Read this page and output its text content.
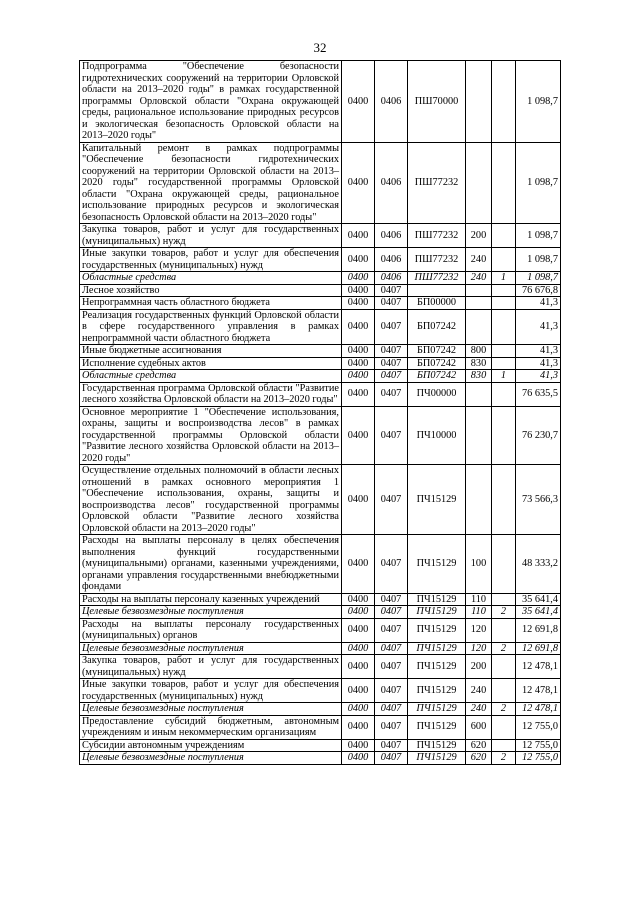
32
Подпрограмма "Обеспечение безопасности гидротехнических сооружений на территории Орловской области на 2013–2020 годы" в рамках государственной программы Орловской области "Охрана окружающей среды, рациональное использование природных ресурсов и экологическая безопасность Орловской области на 2013–2020 годы"	0400	0406	ПШ70000			1 098,7
Капитальный ремонт в рамках подпрограммы "Обеспечение безопасности гидротехнических сооружений на территории Орловской области на 2013–2020 годы" государственной программы Орловской области "Охрана окружающей среды, рациональное использование природных ресурсов и экологическая безопасность Орловской области на 2013–2020 годы"	0400	0406	ПШ77232			1 098,7
Закупка товаров, работ и услуг для государственных (муниципальных) нужд	0400	0406	ПШ77232	200		1 098,7
Иные закупки товаров, работ и услуг для обеспечения государственных (муниципальных) нужд	0400	0406	ПШ77232	240		1 098,7
Областные средства	0400	0406	ПШ77232	240	1	1 098,7
Лесное хозяйство	0400	0407				76 676,8
Непрограммная часть областного бюджета	0400	0407	БП00000			41,3
Реализация государственных функций Орловской области в сфере государственного управления в рамках непрограммной части областного бюджета	0400	0407	БП07242			41,3
Иные бюджетные ассигнования	0400	0407	БП07242	800		41,3
Исполнение судебных актов	0400	0407	БП07242	830		41,3
Областные средства	0400	0407	БП07242	830	1	41,3
Государственная программа Орловской области "Развитие лесного хозяйства Орловской области на 2013–2020 годы"	0400	0407	ПЧ00000			76 635,5
Основное мероприятие 1 "Обеспечение использования, охраны, защиты и воспроизводства лесов" в рамках государственной программы Орловской области "Развитие лесного хозяйства Орловской области на 2013–2020 годы"	0400	0407	ПЧ10000			76 230,7
Осуществление отдельных полномочий в области лесных отношений в рамках основного мероприятия 1 "Обеспечение использования, охраны, защиты и воспроизводства лесов" государственной программы Орловской области "Развитие лесного хозяйства Орловской области на 2013–2020 годы"	0400	0407	ПЧ15129			73 566,3
Расходы на выплаты персоналу в целях обеспечения выполнения функций государственными (муниципальными) органами, казенными учреждениями, органами управления государственными внебюджетными фондами	0400	0407	ПЧ15129	100		48 333,2
Расходы на выплаты персоналу казенных учреждений	0400	0407	ПЧ15129	110		35 641,4
Целевые безвозмездные поступления	0400	0407	ПЧ15129	110	2	35 641,4
Расходы на выплаты персоналу государственных (муниципальных) органов	0400	0407	ПЧ15129	120		12 691,8
Целевые безвозмездные поступления	0400	0407	ПЧ15129	120	2	12 691,8
Закупка товаров, работ и услуг для государственных (муниципальных) нужд	0400	0407	ПЧ15129	200		12 478,1
Иные закупки товаров, работ и услуг для обеспечения государственных (муниципальных) нужд	0400	0407	ПЧ15129	240		12 478,1
Целевые безвозмездные поступления	0400	0407	ПЧ15129	240	2	12 478,1
Предоставление субсидий бюджетным, автономным учреждениям и иным некоммерческим организациям	0400	0407	ПЧ15129	600		12 755,0
Субсидии автономным учреждениям	0400	0407	ПЧ15129	620		12 755,0
Целевые безвозмездные поступления	0400	0407	ПЧ15129	620	2	12 755,0
